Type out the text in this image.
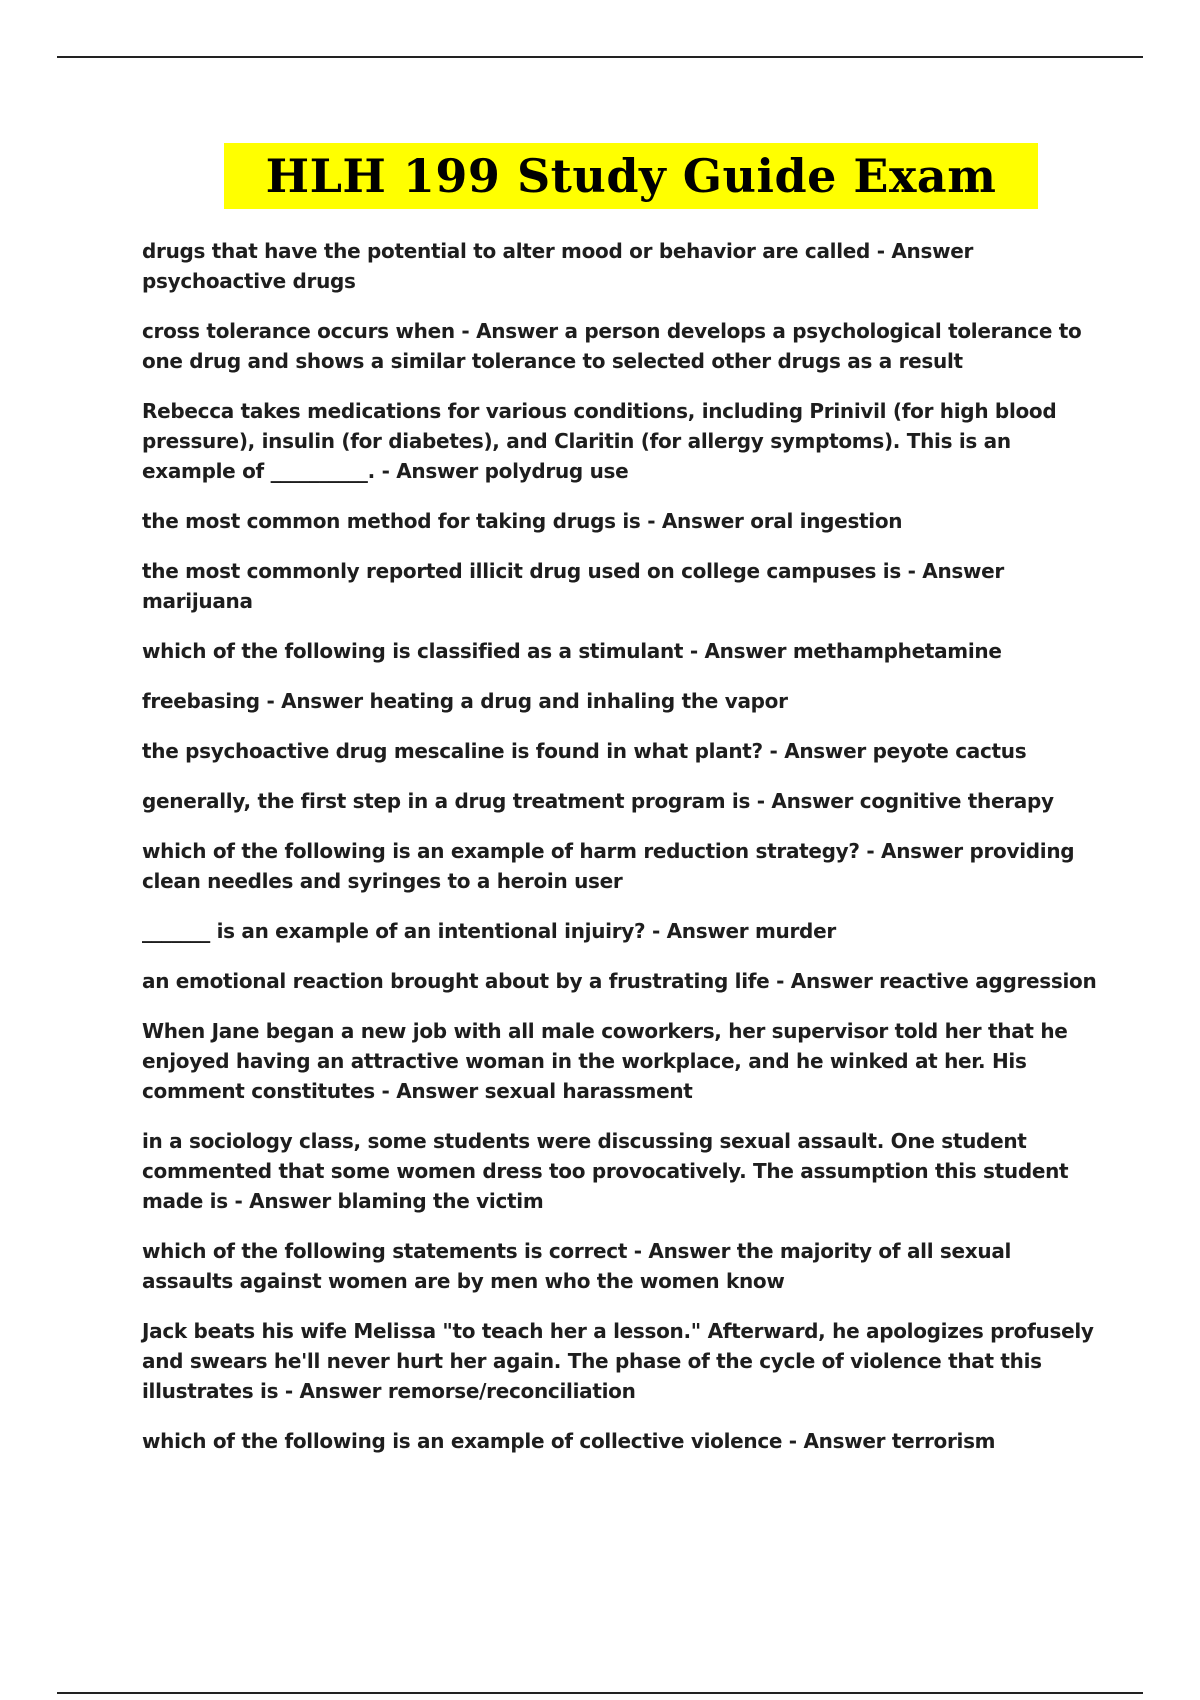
HLH 199 Study Guide Exam
drugs that have the potential to alter mood or behavior are called - Answer psychoactive drugs
cross tolerance occurs when - Answer a person develops a psychological tolerance to one drug and shows a similar tolerance to selected other drugs as a result
Rebecca takes medications for various conditions, including Prinivil (for high blood pressure), insulin (for diabetes), and Claritin (for allergy symptoms). This is an example of __________. - Answer polydrug use
the most common method for taking drugs is - Answer oral ingestion
the most commonly reported illicit drug used on college campuses is - Answer marijuana
which of the following is classified as a stimulant - Answer methamphetamine
freebasing - Answer heating a drug and inhaling the vapor
the psychoactive drug mescaline is found in what plant? - Answer peyote cactus
generally, the first step in a drug treatment program is - Answer cognitive therapy
which of the following is an example of harm reduction strategy? - Answer providing clean needles and syringes to a heroin user
_______ is an example of an intentional injuiry? - Answer murder
an emotional reaction brought about by a frustrating life - Answer reactive aggression
When Jane began a new job with all male coworkers, her supervisor told her that he enjoyed having an attractive woman in the workplace, and he winked at her. His comment constitutes - Answer sexual harassment
in a sociology class, some students were discussing sexual assault. One student commented that some women dress too provocatively. The assumption this student made is - Answer blaming the victim
which of the following statements is correct - Answer the majority of all sexual assaults against women are by men who the women know
Jack beats his wife Melissa "to teach her a lesson." Afterward, he apologizes profusely and swears he'll never hurt her again. The phase of the cycle of violence that this illustrates is - Answer remorse/reconciliation
which of the following is an example of collective violence - Answer terrorism
